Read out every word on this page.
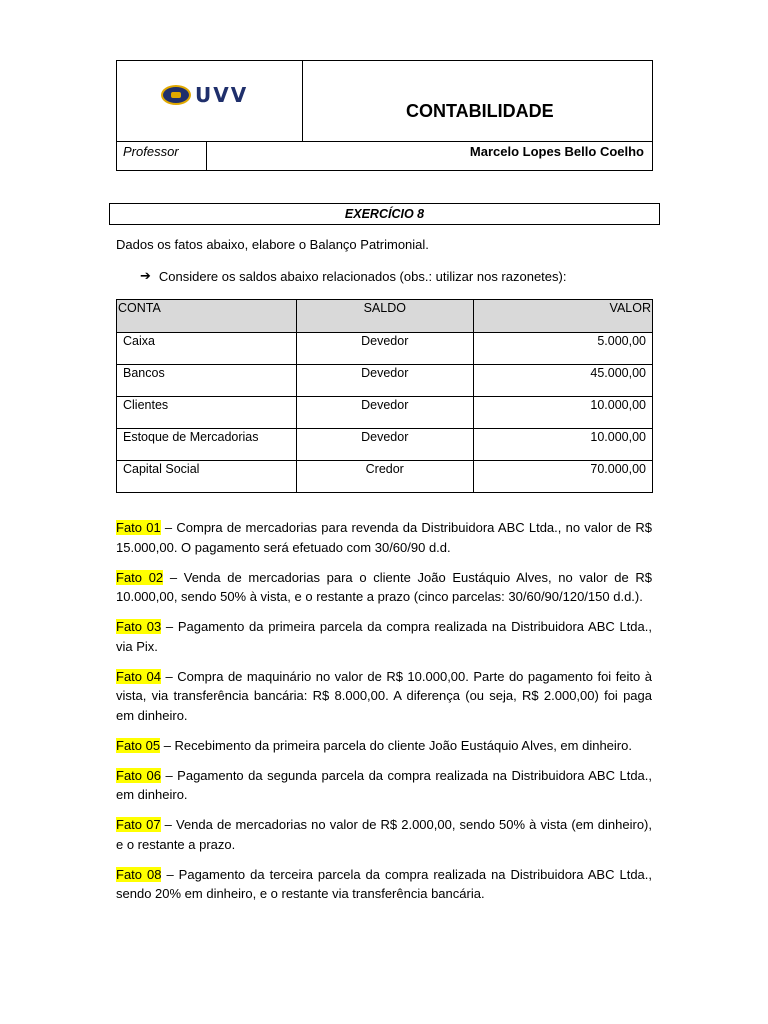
UVV
CONTABILIDADE
Professor	Marcelo Lopes Bello Coelho
EXERCÍCIO 8
Dados os fatos abaixo, elabore o Balanço Patrimonial.
➔ Considere os saldos abaixo relacionados (obs.: utilizar nos razonetes):
CONTA	SALDO	VALOR
Caixa	Devedor	5.000,00
Bancos	Devedor	45.000,00
Clientes	Devedor	10.000,00
Estoque de Mercadorias	Devedor	10.000,00
Capital Social	Credor	70.000,00

Fato 01 – Compra de mercadorias para revenda da Distribuidora ABC Ltda., no valor de R$ 15.000,00. O pagamento será efetuado com 30/60/90 d.d.

Fato 02 – Venda de mercadorias para o cliente João Eustáquio Alves, no valor de R$ 10.000,00, sendo 50% à vista, e o restante a prazo (cinco parcelas: 30/60/90/120/150 d.d.).

Fato 03 – Pagamento da primeira parcela da compra realizada na Distribuidora ABC Ltda., via Pix.

Fato 04 – Compra de maquinário no valor de R$ 10.000,00. Parte do pagamento foi feito à vista, via transferência bancária: R$ 8.000,00. A diferença (ou seja, R$ 2.000,00) foi paga em dinheiro.

Fato 05 – Recebimento da primeira parcela do cliente João Eustáquio Alves, em dinheiro.

Fato 06 – Pagamento da segunda parcela da compra realizada na Distribuidora ABC Ltda., em dinheiro.

Fato 07 – Venda de mercadorias no valor de R$ 2.000,00, sendo 50% à vista (em dinheiro), e o restante a prazo.

Fato 08 – Pagamento da terceira parcela da compra realizada na Distribuidora ABC Ltda., sendo 20% em dinheiro, e o restante via transferência bancária.
